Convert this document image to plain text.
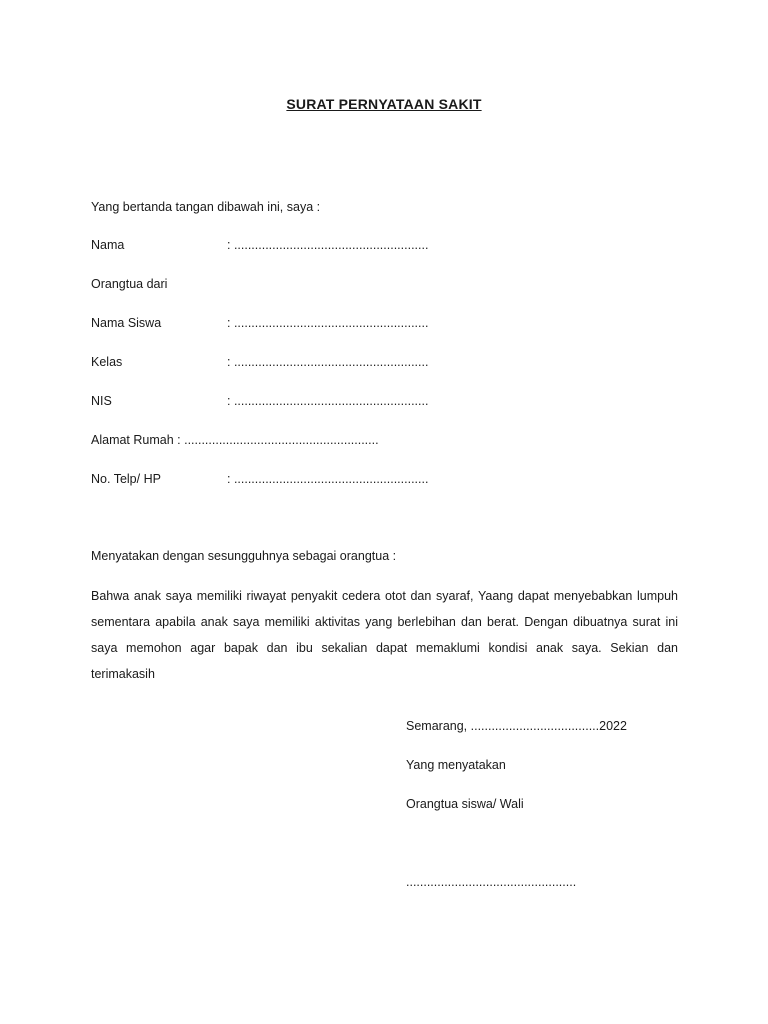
SURAT PERNYATAAN SAKIT
Yang bertanda tangan dibawah ini, saya :
Nama	: ........................................................
Orangtua dari
Nama Siswa	: ........................................................
Kelas	: ........................................................
NIS	: ........................................................
Alamat Rumah : ........................................................
No. Telp/ HP	: ........................................................
Menyatakan dengan sesungguhnya sebagai orangtua :
Bahwa anak saya memiliki riwayat penyakit cedera otot dan syaraf, Yaang dapat menyebabkan lumpuh sementara apabila anak saya memiliki aktivitas yang berlebihan dan berat. Dengan dibuatnya surat ini saya memohon agar bapak dan ibu sekalian dapat memaklumi kondisi anak saya. Sekian dan terimakasih
Semarang, .....................................2022
Yang menyatakan
Orangtua siswa/ Wali
.................................................
